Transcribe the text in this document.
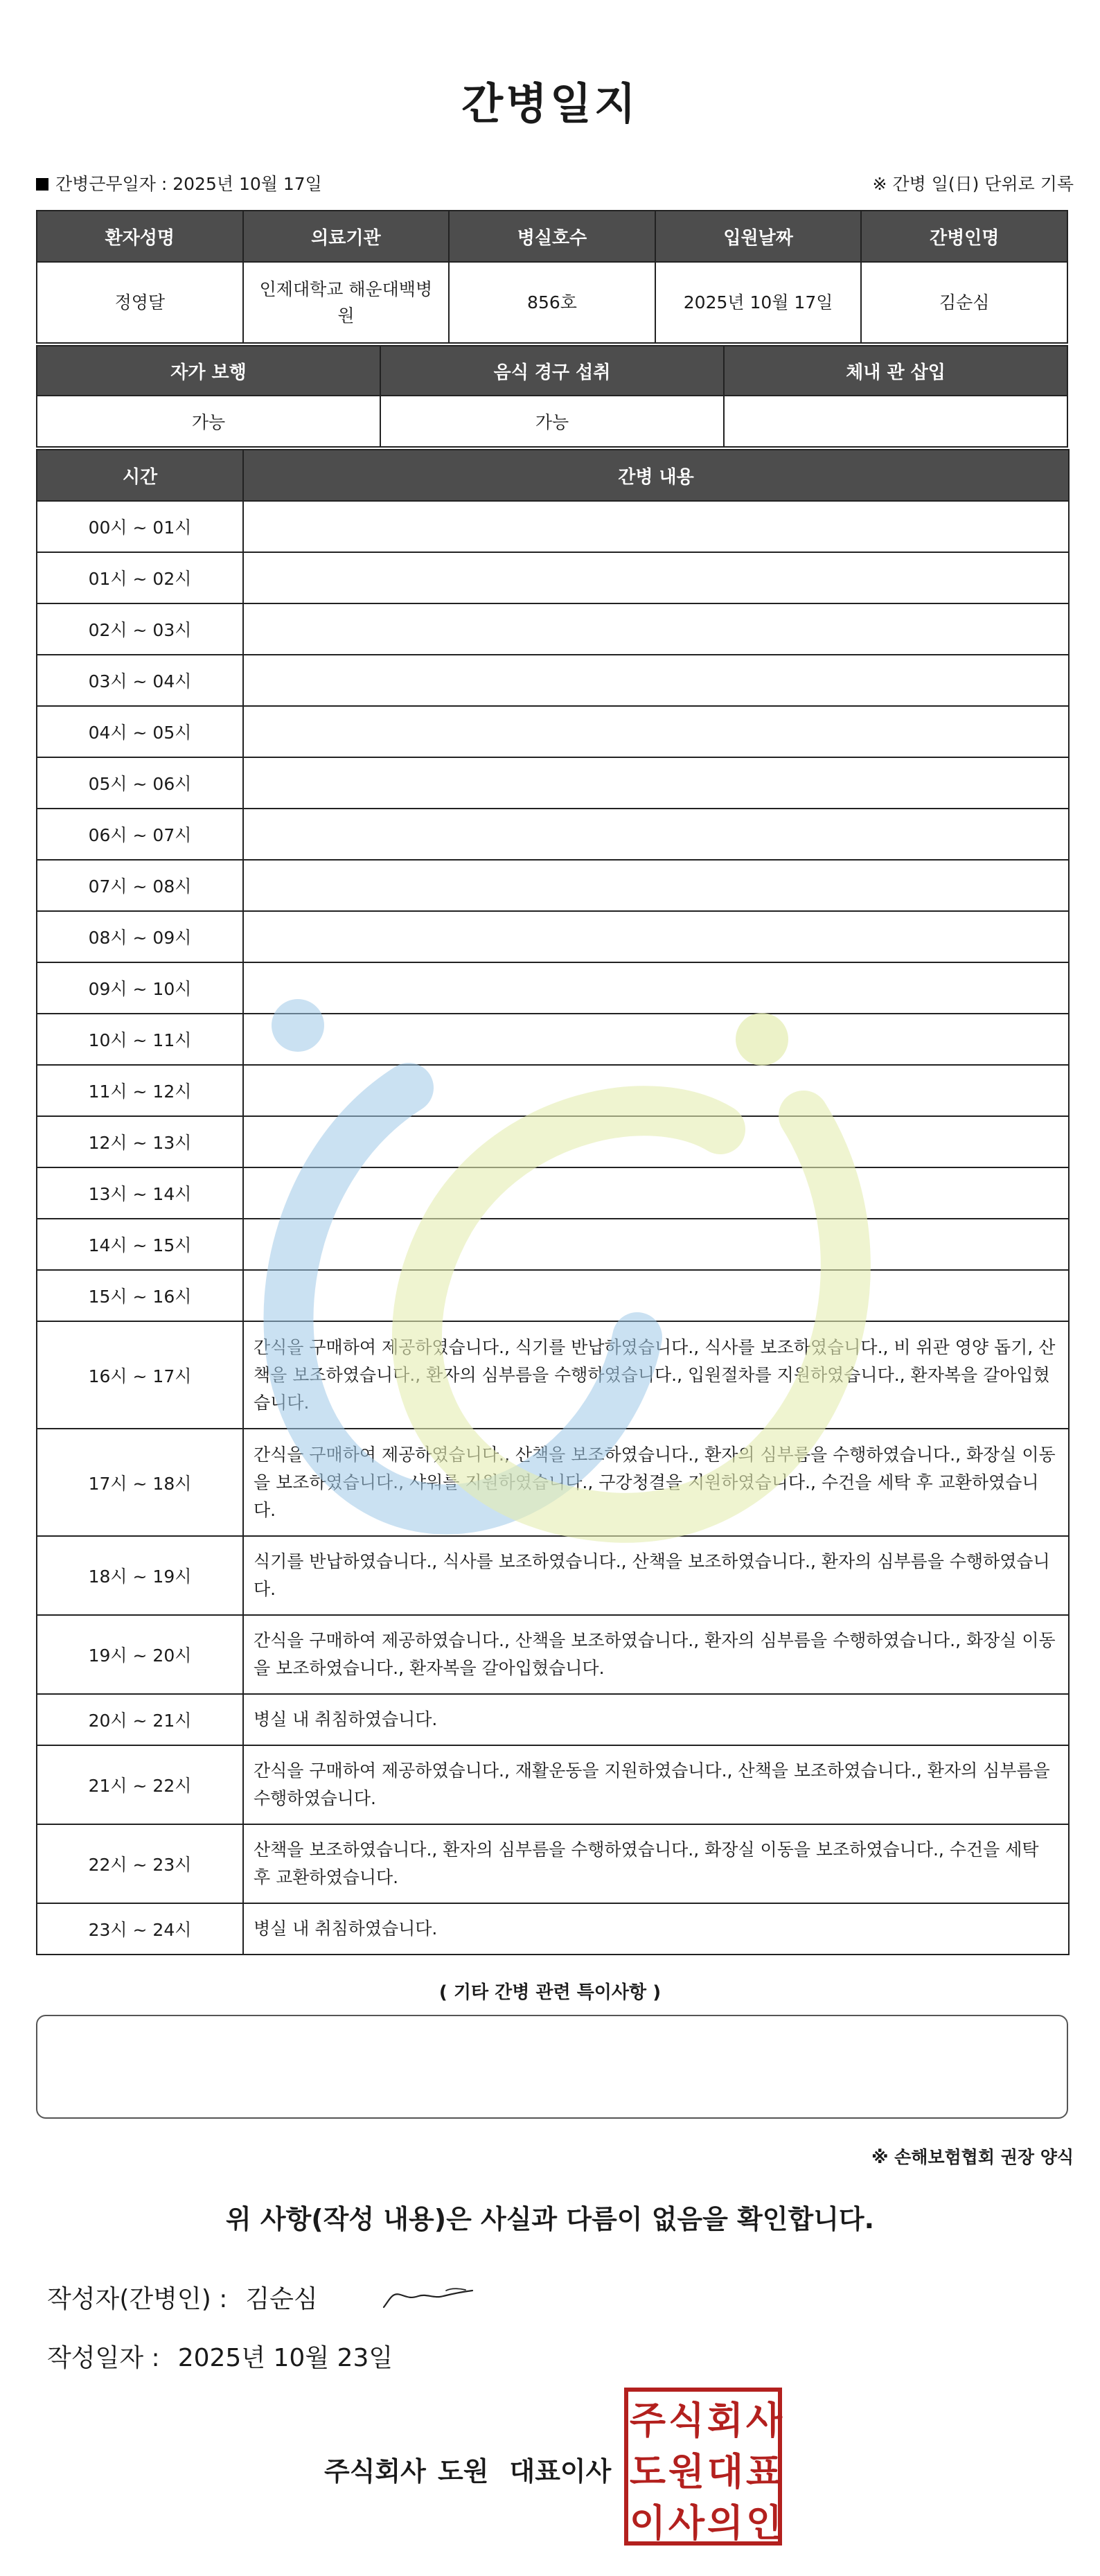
간병일지
간병근무일자 : 2025년 10월 17일	※ 간병 일(日) 단위로 기록
환자성명	의료기관	병실호수	입원날짜	간병인명
정영달	인제대학교 해운대백병원	856호	2025년 10월 17일	김순심
자가 보행	음식 경구 섭취	체내 관 삽입
가능	가능	
시간	간병 내용
00시 ~ 01시	
01시 ~ 02시	
02시 ~ 03시	
03시 ~ 04시	
04시 ~ 05시	
05시 ~ 06시	
06시 ~ 07시	
07시 ~ 08시	
08시 ~ 09시	
09시 ~ 10시	
10시 ~ 11시	
11시 ~ 12시	
12시 ~ 13시	
13시 ~ 14시	
14시 ~ 15시	
15시 ~ 16시	
16시 ~ 17시	간식을 구매하여 제공하였습니다., 식기를 반납하였습니다., 식사를 보조하였습니다., 비 위관 영양 돕기, 산책을 보조하였습니다., 환자의 심부름을 수행하였습니다., 입원절차를 지원하였습니다., 환자복을 갈아입혔습니다.
17시 ~ 18시	간식을 구매하여 제공하였습니다., 산책을 보조하였습니다., 환자의 심부름을 수행하였습니다., 화장실 이동을 보조하였습니다., 샤워를 지원하였습니다., 구강청결을 지원하였습니다., 수건을 세탁 후 교환하였습니다.
18시 ~ 19시	식기를 반납하였습니다., 식사를 보조하였습니다., 산책을 보조하였습니다., 환자의 심부름을 수행하였습니다.
19시 ~ 20시	간식을 구매하여 제공하였습니다., 산책을 보조하였습니다., 환자의 심부름을 수행하였습니다., 화장실 이동을 보조하였습니다., 환자복을 갈아입혔습니다.
20시 ~ 21시	병실 내 취침하였습니다.
21시 ~ 22시	간식을 구매하여 제공하였습니다., 재활운동을 지원하였습니다., 산책을 보조하였습니다., 환자의 심부름을 수행하였습니다.
22시 ~ 23시	산책을 보조하였습니다., 환자의 심부름을 수행하였습니다., 화장실 이동을 보조하였습니다., 수건을 세탁 후 교환하였습니다.
23시 ~ 24시	병실 내 취침하였습니다.
( 기타 간병 관련 특이사항 )
※ 손해보험협회 권장 양식
위 사항(작성 내용)은 사실과 다름이 없음을 확인합니다.
작성자(간병인) : 김순심
작성일자 : 2025년 10월 23일
주식회사 도원 대표이사
주 식 회 사
도 원 대 표
이 사 의 인
